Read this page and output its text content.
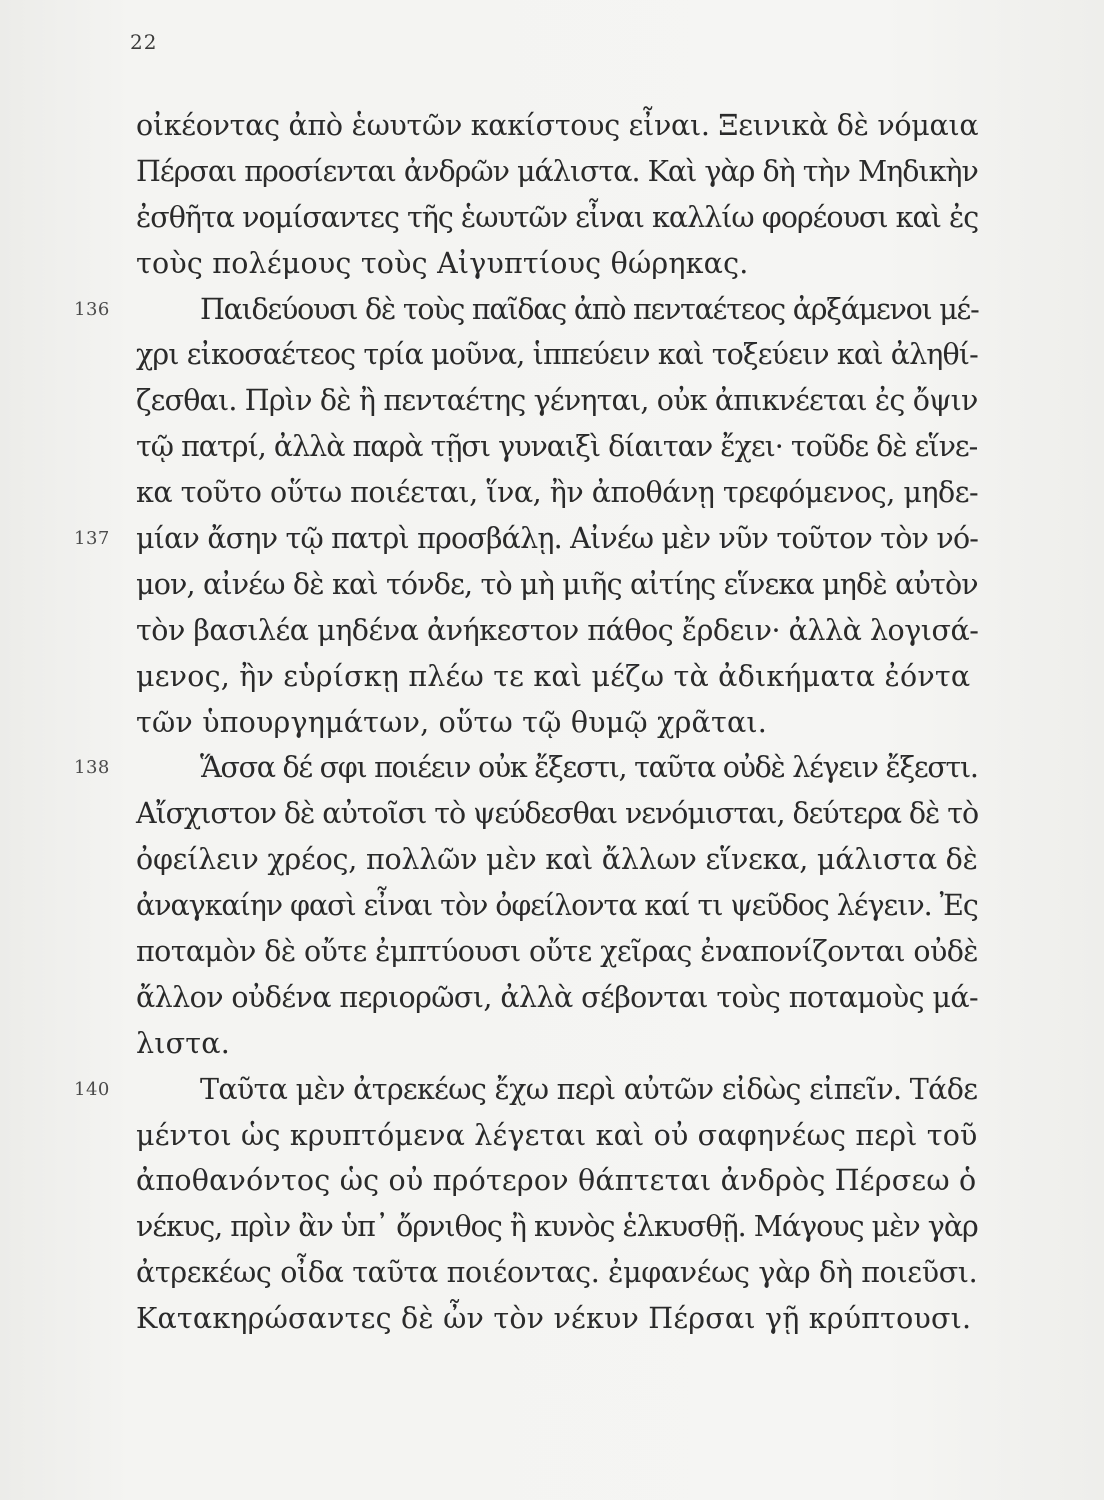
22
οἰκέοντας ἀπὸ ἑωυτῶν κακίστους εἶναι. Ξεινικὰ δὲ νόμαια
Πέρσαι προσίενται ἀνδρῶν μάλιστα. Καὶ γὰρ δὴ τὴν Μηδικὴν
ἐσθῆτα νομίσαντες τῆς ἑωυτῶν εἶναι καλλίω φορέουσι καὶ ἐς
τοὺς πολέμους τοὺς Αἰγυπτίους θώρηκας.
136	Παιδεύουσι δὲ τοὺς παῖδας ἀπὸ πενταέτεος ἀρξάμενοι μέ-
χρι εἰκοσαέτεος τρία μοῦνα, ἱππεύειν καὶ τοξεύειν καὶ ἀληθί-
ζεσθαι. Πρὶν δὲ ἢ πενταέτης γένηται, οὐκ ἀπικνέεται ἐς ὄψιν
τῷ πατρί, ἀλλὰ παρὰ τῇσι γυναιξὶ δίαιταν ἔχει· τοῦδε δὲ εἵνε-
κα τοῦτο οὕτω ποιέεται, ἵνα, ἢν ἀποθάνῃ τρεφόμενος, μηδε-
137 μίαν ἄσην τῷ πατρὶ προσβάλῃ. Αἰνέω μὲν νῦν τοῦτον τὸν νό-
μον, αἰνέω δὲ καὶ τόνδε, τὸ μὴ μιῆς αἰτίης εἵνεκα μηδὲ αὐτὸν
τὸν βασιλέα μηδένα ἀνήκεστον πάθος ἔρδειν· ἀλλὰ λογισά-
μενος, ἢν εὑρίσκῃ πλέω τε καὶ μέζω τὰ ἀδικήματα ἐόντα
τῶν ὑπουργημάτων, οὕτω τῷ θυμῷ χρᾶται.
138	Ἅσσα δέ σφι ποιέειν οὐκ ἔξεστι, ταῦτα οὐδὲ λέγειν ἔξεστι.
Αἴσχιστον δὲ αὐτοῖσι τὸ ψεύδεσθαι νενόμισται, δεύτερα δὲ τὸ
ὀφείλειν χρέος, πολλῶν μὲν καὶ ἄλλων εἵνεκα, μάλιστα δὲ
ἀναγκαίην φασὶ εἶναι τὸν ὀφείλοντα καί τι ψεῦδος λέγειν. Ἐς
ποταμὸν δὲ οὔτε ἐμπτύουσι οὔτε χεῖρας ἐναπονίζονται οὐδὲ
ἄλλον οὐδένα περιορῶσι, ἀλλὰ σέβονται τοὺς ποταμοὺς μά-
λιστα.
140	Ταῦτα μὲν ἀτρεκέως ἔχω περὶ αὐτῶν εἰδὼς εἰπεῖν. Τάδε
μέντοι ὡς κρυπτόμενα λέγεται καὶ οὐ σαφηνέως περὶ τοῦ
ἀποθανόντος ὡς οὐ πρότερον θάπτεται ἀνδρὸς Πέρσεω ὁ
νέκυς, πρὶν ἂν ὑπ᾽ ὄρνιθος ἢ κυνὸς ἑλκυσθῇ. Μάγους μὲν γὰρ
ἀτρεκέως οἶδα ταῦτα ποιέοντας. ἐμφανέως γὰρ δὴ ποιεῦσι.
Κατακηρώσαντες δὲ ὦν τὸν νέκυν Πέρσαι γῇ κρύπτουσι.
